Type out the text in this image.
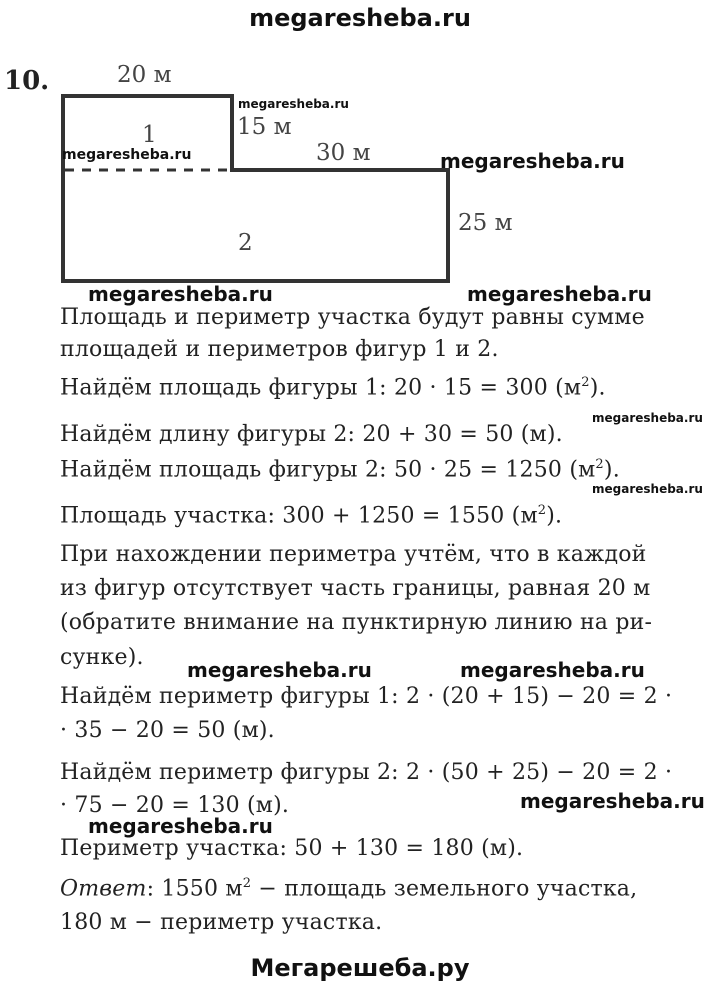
megaresheba.ru
10.	20 м
15 м
30 м
25 м
1
2
megaresheba.ru
megaresheba.ru	megaresheba.ru
megaresheba.ru	megaresheba.ru
megaresheba.ru
megaresheba.ru
megaresheba.ru	megaresheba.ru
megaresheba.ru
megaresheba.ru
Площадь и периметр участка будут равны сумме
площадей и периметров фигур 1 и 2.
Найдём площадь фигуры 1: 20 · 15 = 300 $(м^2)$.
Найдём длину фигуры 2: 20 + 30 = 50 (м).
Найдём площадь фигуры 2: 50 · 25 = 1250 $(м^2)$.
Площадь участка: 300 + 1250 = 1550 $(м^2)$.
При нахождении периметра учтём, что в каждой
из фигур отсутствует часть границы, равная 20 м
(обратите внимание на пунктирную линию на ри-
сунке).
Найдём периметр фигуры 1: 2 · (20 + 15) − 20 = 2 ·
· 35 − 20 = 50 (м).
Найдём периметр фигуры 2: 2 · (50 + 25) − 20 = 2 ·
· 75 − 20 = 130 (м).
Периметр участка: 50 + 130 = 180 (м).
Ответ: 1550 $м^2$ − площадь земельного участка,
180 м − периметр участка.
Мегарешеба.ру
